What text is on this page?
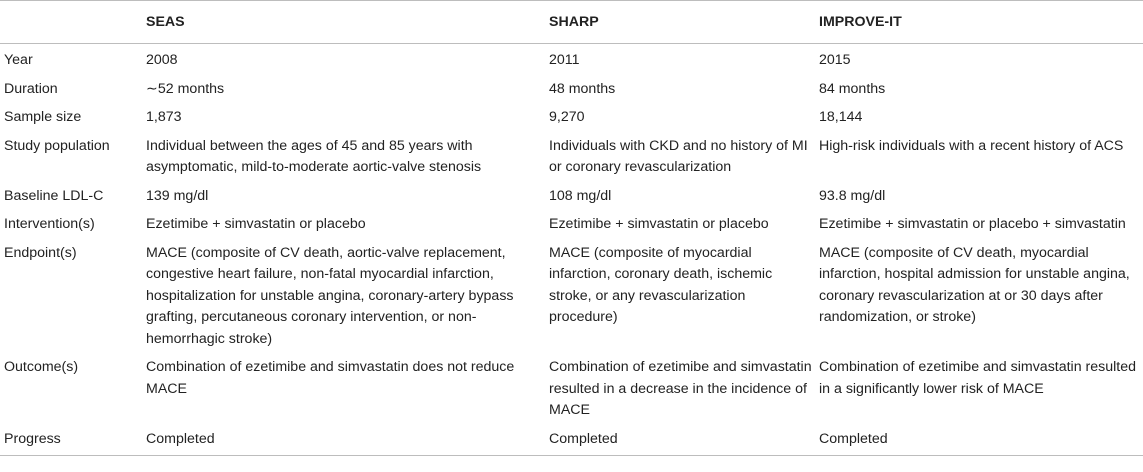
	SEAS	SHARP	IMPROVE-IT
Year	2008	2011	2015
Duration	∼52 months	48 months	84 months
Sample size	1,873	9,270	18,144
Study population	Individual between the ages of 45 and 85 years with asymptomatic, mild-to-moderate aortic-valve stenosis	Individuals with CKD and no history of MI or coronary revascularization	High-risk individuals with a recent history of ACS
Baseline LDL-C	139 mg/dl	108 mg/dl	93.8 mg/dl
Intervention(s)	Ezetimibe + simvastatin or placebo	Ezetimibe + simvastatin or placebo	Ezetimibe + simvastatin or placebo + simvastatin
Endpoint(s)	MACE (composite of CV death, aortic-valve replacement, congestive heart failure, non-fatal myocardial infarction, hospitalization for unstable angina, coronary-artery bypass grafting, percutaneous coronary intervention, or non-hemorrhagic stroke)	MACE (composite of myocardial infarction, coronary death, ischemic stroke, or any revascularization procedure)	MACE (composite of CV death, myocardial infarction, hospital admission for unstable angina, coronary revascularization at or 30 days after randomization, or stroke)
Outcome(s)	Combination of ezetimibe and simvastatin does not reduce MACE	Combination of ezetimibe and simvastatin resulted in a decrease in the incidence of MACE	Combination of ezetimibe and simvastatin resulted in a significantly lower risk of MACE
Progress	Completed	Completed	Completed
